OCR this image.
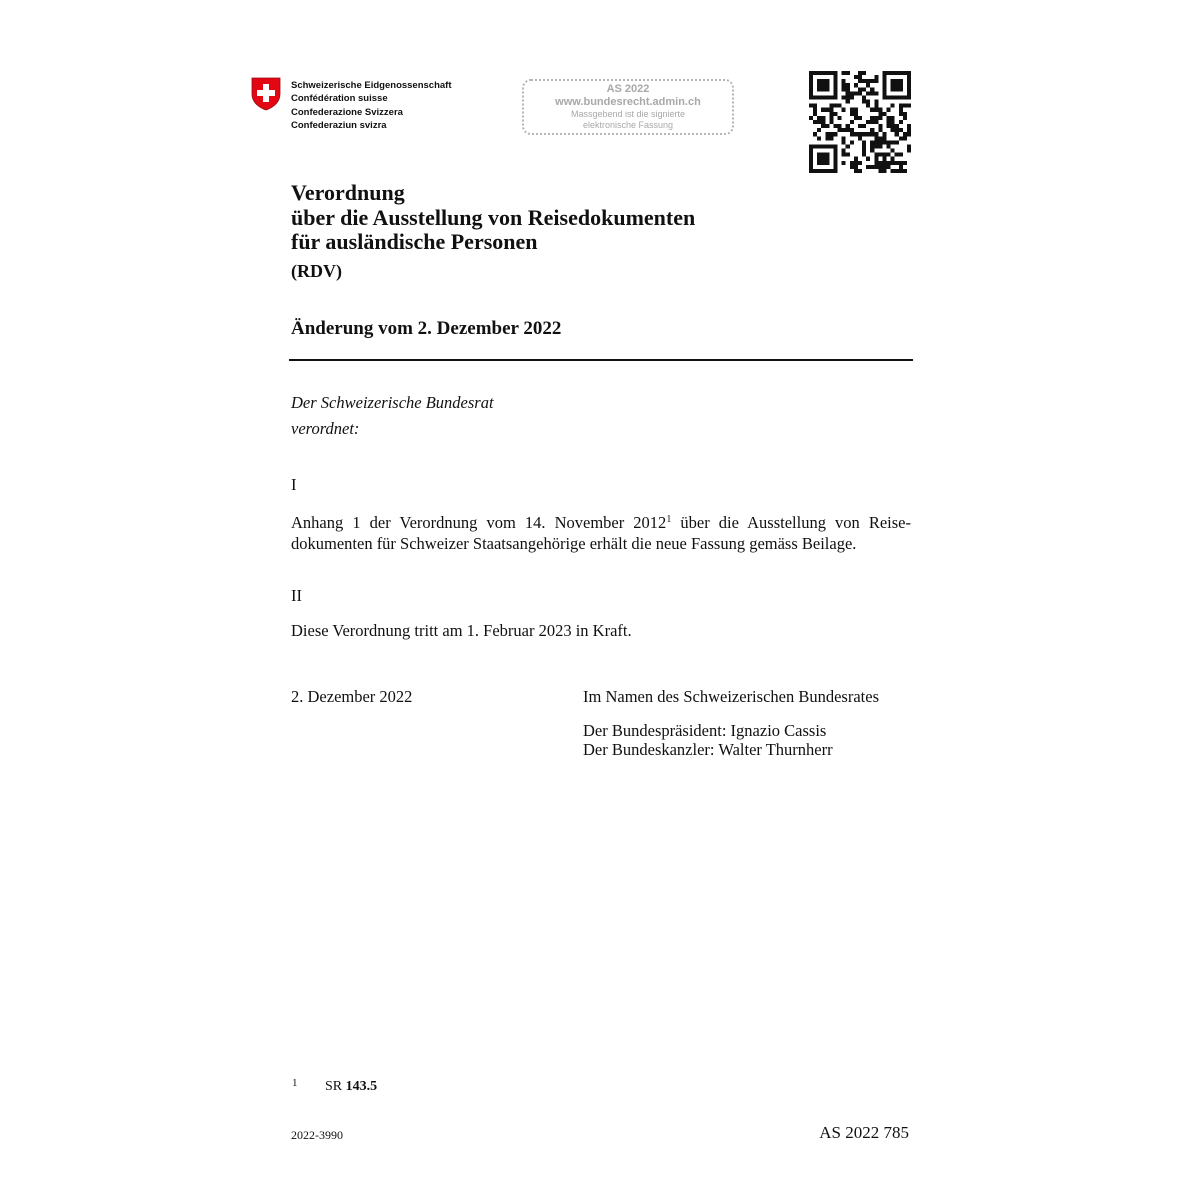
Schweizerische Eidgenossenschaft
Confédération suisse
Confederazione Svizzera
Confederaziun svizra
AS 2022
www.bundesrecht.admin.ch
Massgebend ist die signierte
elektronische Fassung
Verordnung
über die Ausstellung von Reisedokumenten
für ausländische Personen
(RDV)
Änderung vom 2. Dezember 2022
Der Schweizerische Bundesrat
verordnet:
I
Anhang 1 der Verordnung vom 14. November 2012$^1$ über die Ausstellung von Reisedokumenten für Schweizer Staatsangehörige erhält die neue Fassung gemäss Beilage.
II
Diese Verordnung tritt am 1. Februar 2023 in Kraft.
2. Dezember 2022	Im Namen des Schweizerischen Bundesrates
Der Bundespräsident: Ignazio Cassis
Der Bundeskanzler: Walter Thurnherr
1 SR 143.5
2022-3990	AS 2022 785
